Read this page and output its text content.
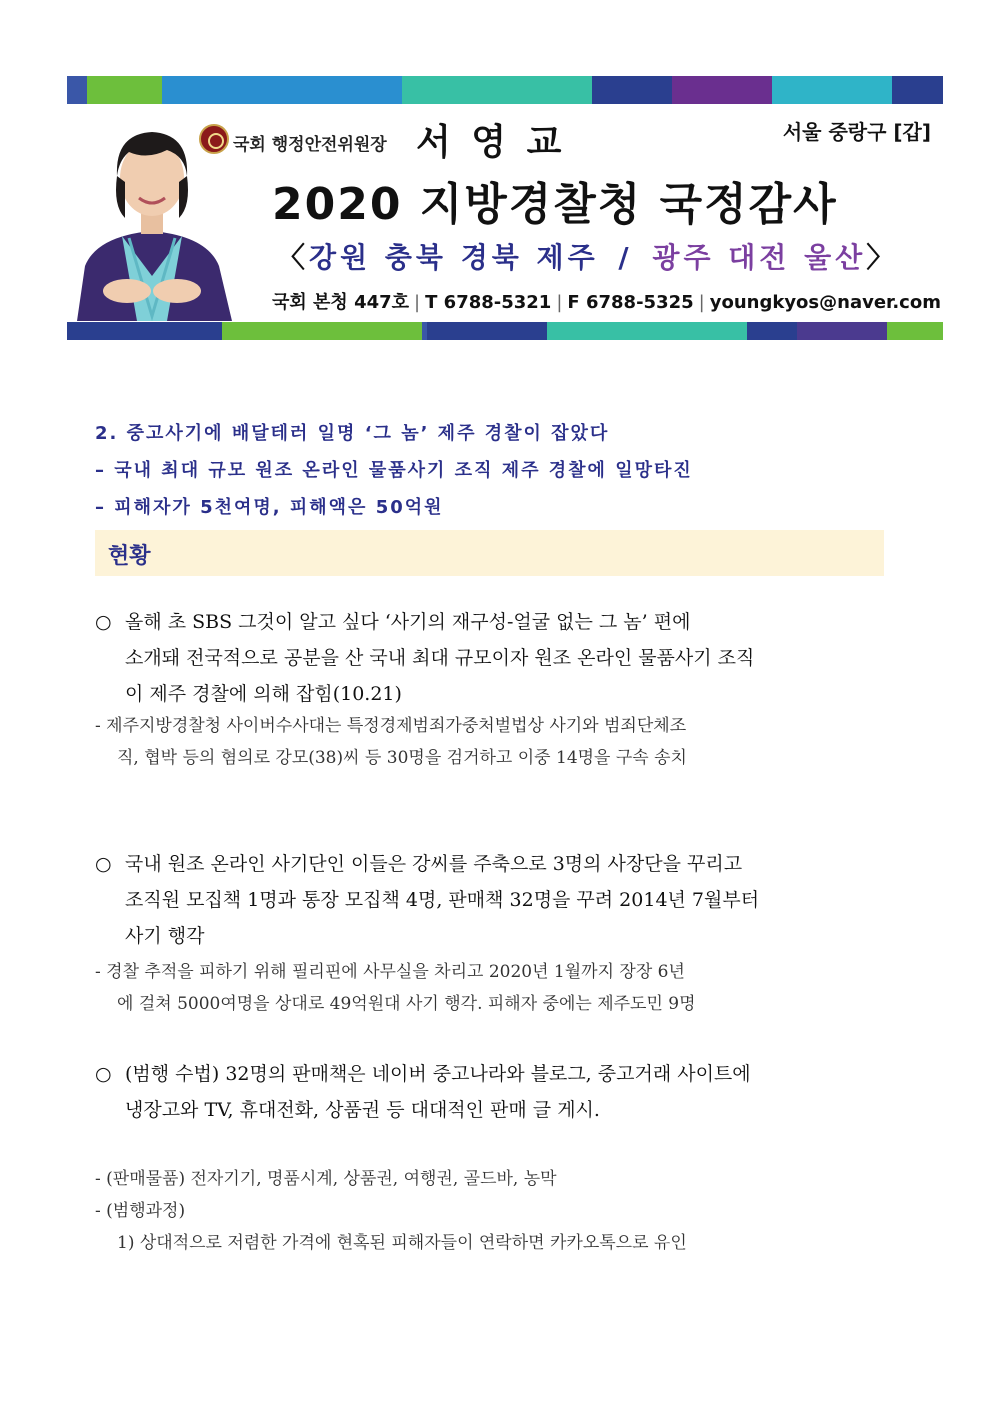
국회 행정안전위원장 서 영 교	서울 중랑구 [갑]
2020 지방경찰청 국정감사
〈강원 충북 경북 제주 / 광주 대전 울산〉
국회 본청 447호 | T 6788-5321 | F 6788-5325 | youngkyos@naver.com
2. 중고사기에 배달테러 일명 ‘그 놈’ 제주 경찰이 잡았다
– 국내 최대 규모 원조 온라인 물품사기 조직 제주 경찰에 일망타진
– 피해자가 5천여명, 피해액은 50억원
현황
○ 올해 초 SBS 그것이 알고 싶다 ‘사기의 재구성-얼굴 없는 그 놈’ 편에
소개돼 전국적으로 공분을 산 국내 최대 규모이자 원조 온라인 물품사기 조직
이 제주 경찰에 의해 잡힘(10.21)
- 제주지방경찰청 사이버수사대는 특정경제범죄가중처벌법상 사기와 범죄단체조
직, 협박 등의 혐의로 강모(38)씨 등 30명을 검거하고 이중 14명을 구속 송치
○ 국내 원조 온라인 사기단인 이들은 강씨를 주축으로 3명의 사장단을 꾸리고
조직원 모집책 1명과 통장 모집책 4명, 판매책 32명을 꾸려 2014년 7월부터
사기 행각
- 경찰 추적을 피하기 위해 필리핀에 사무실을 차리고 2020년 1월까지 장장 6년
에 걸쳐 5000여명을 상대로 49억원대 사기 행각. 피해자 중에는 제주도민 9명
○ (범행 수법) 32명의 판매책은 네이버 중고나라와 블로그, 중고거래 사이트에
냉장고와 TV, 휴대전화, 상품권 등 대대적인 판매 글 게시.
- (판매물품) 전자기기, 명품시계, 상품권, 여행권, 골드바, 농막
- (범행과정)
1) 상대적으로 저렴한 가격에 현혹된 피해자들이 연락하면 카카오톡으로 유인
